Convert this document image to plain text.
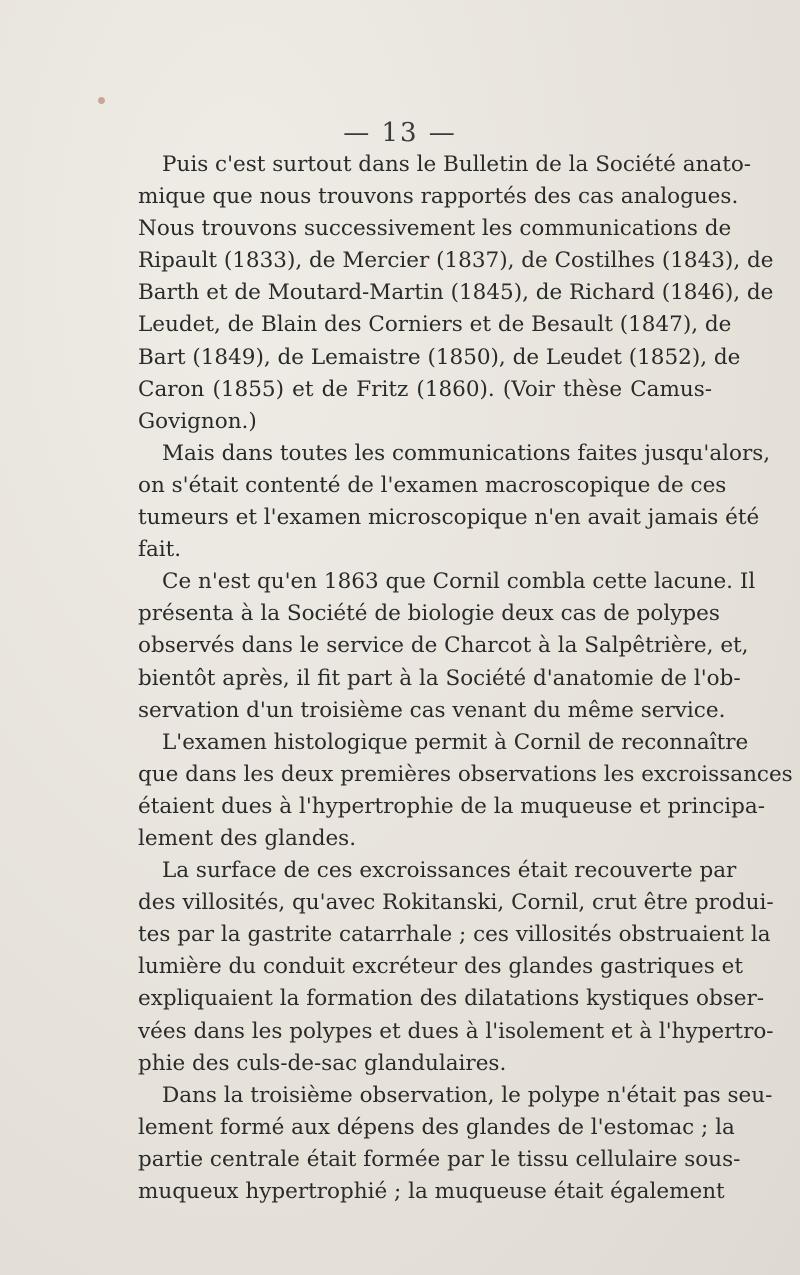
— 13 —
Puis c'est surtout dans le Bulletin de la Société anato-
mique que nous trouvons rapportés des cas analogues.
Nous trouvons successivement les communications de
Ripault (1833), de Mercier (1837), de Costilhes (1843), de
Barth et de Moutard-Martin (1845), de Richard (1846), de
Leudet, de Blain des Corniers et de Besault (1847), de
Bart (1849), de Lemaistre (1850), de Leudet (1852), de
Caron (1855) et de Fritz (1860). (Voir thèse Camus-
Govignon.)
Mais dans toutes les communications faites jusqu'alors,
on s'était contenté de l'examen macroscopique de ces
tumeurs et l'examen microscopique n'en avait jamais été
fait.
Ce n'est qu'en 1863 que Cornil combla cette lacune. Il
présenta à la Société de biologie deux cas de polypes
observés dans le service de Charcot à la Salpêtrière, et,
bientôt après, il fit part à la Société d'anatomie de l'ob-
servation d'un troisième cas venant du même service.
L'examen histologique permit à Cornil de reconnaître
que dans les deux premières observations les excroissances
étaient dues à l'hypertrophie de la muqueuse et principa-
lement des glandes.
La surface de ces excroissances était recouverte par
des villosités, qu'avec Rokitanski, Cornil, crut être produi-
tes par la gastrite catarrhale ; ces villosités obstruaient la
lumière du conduit excréteur des glandes gastriques et
expliquaient la formation des dilatations kystiques obser-
vées dans les polypes et dues à l'isolement et à l'hypertro-
phie des culs-de-sac glandulaires.
Dans la troisième observation, le polype n'était pas seu-
lement formé aux dépens des glandes de l'estomac ; la
partie centrale était formée par le tissu cellulaire sous-
muqueux hypertrophié ; la muqueuse était également
